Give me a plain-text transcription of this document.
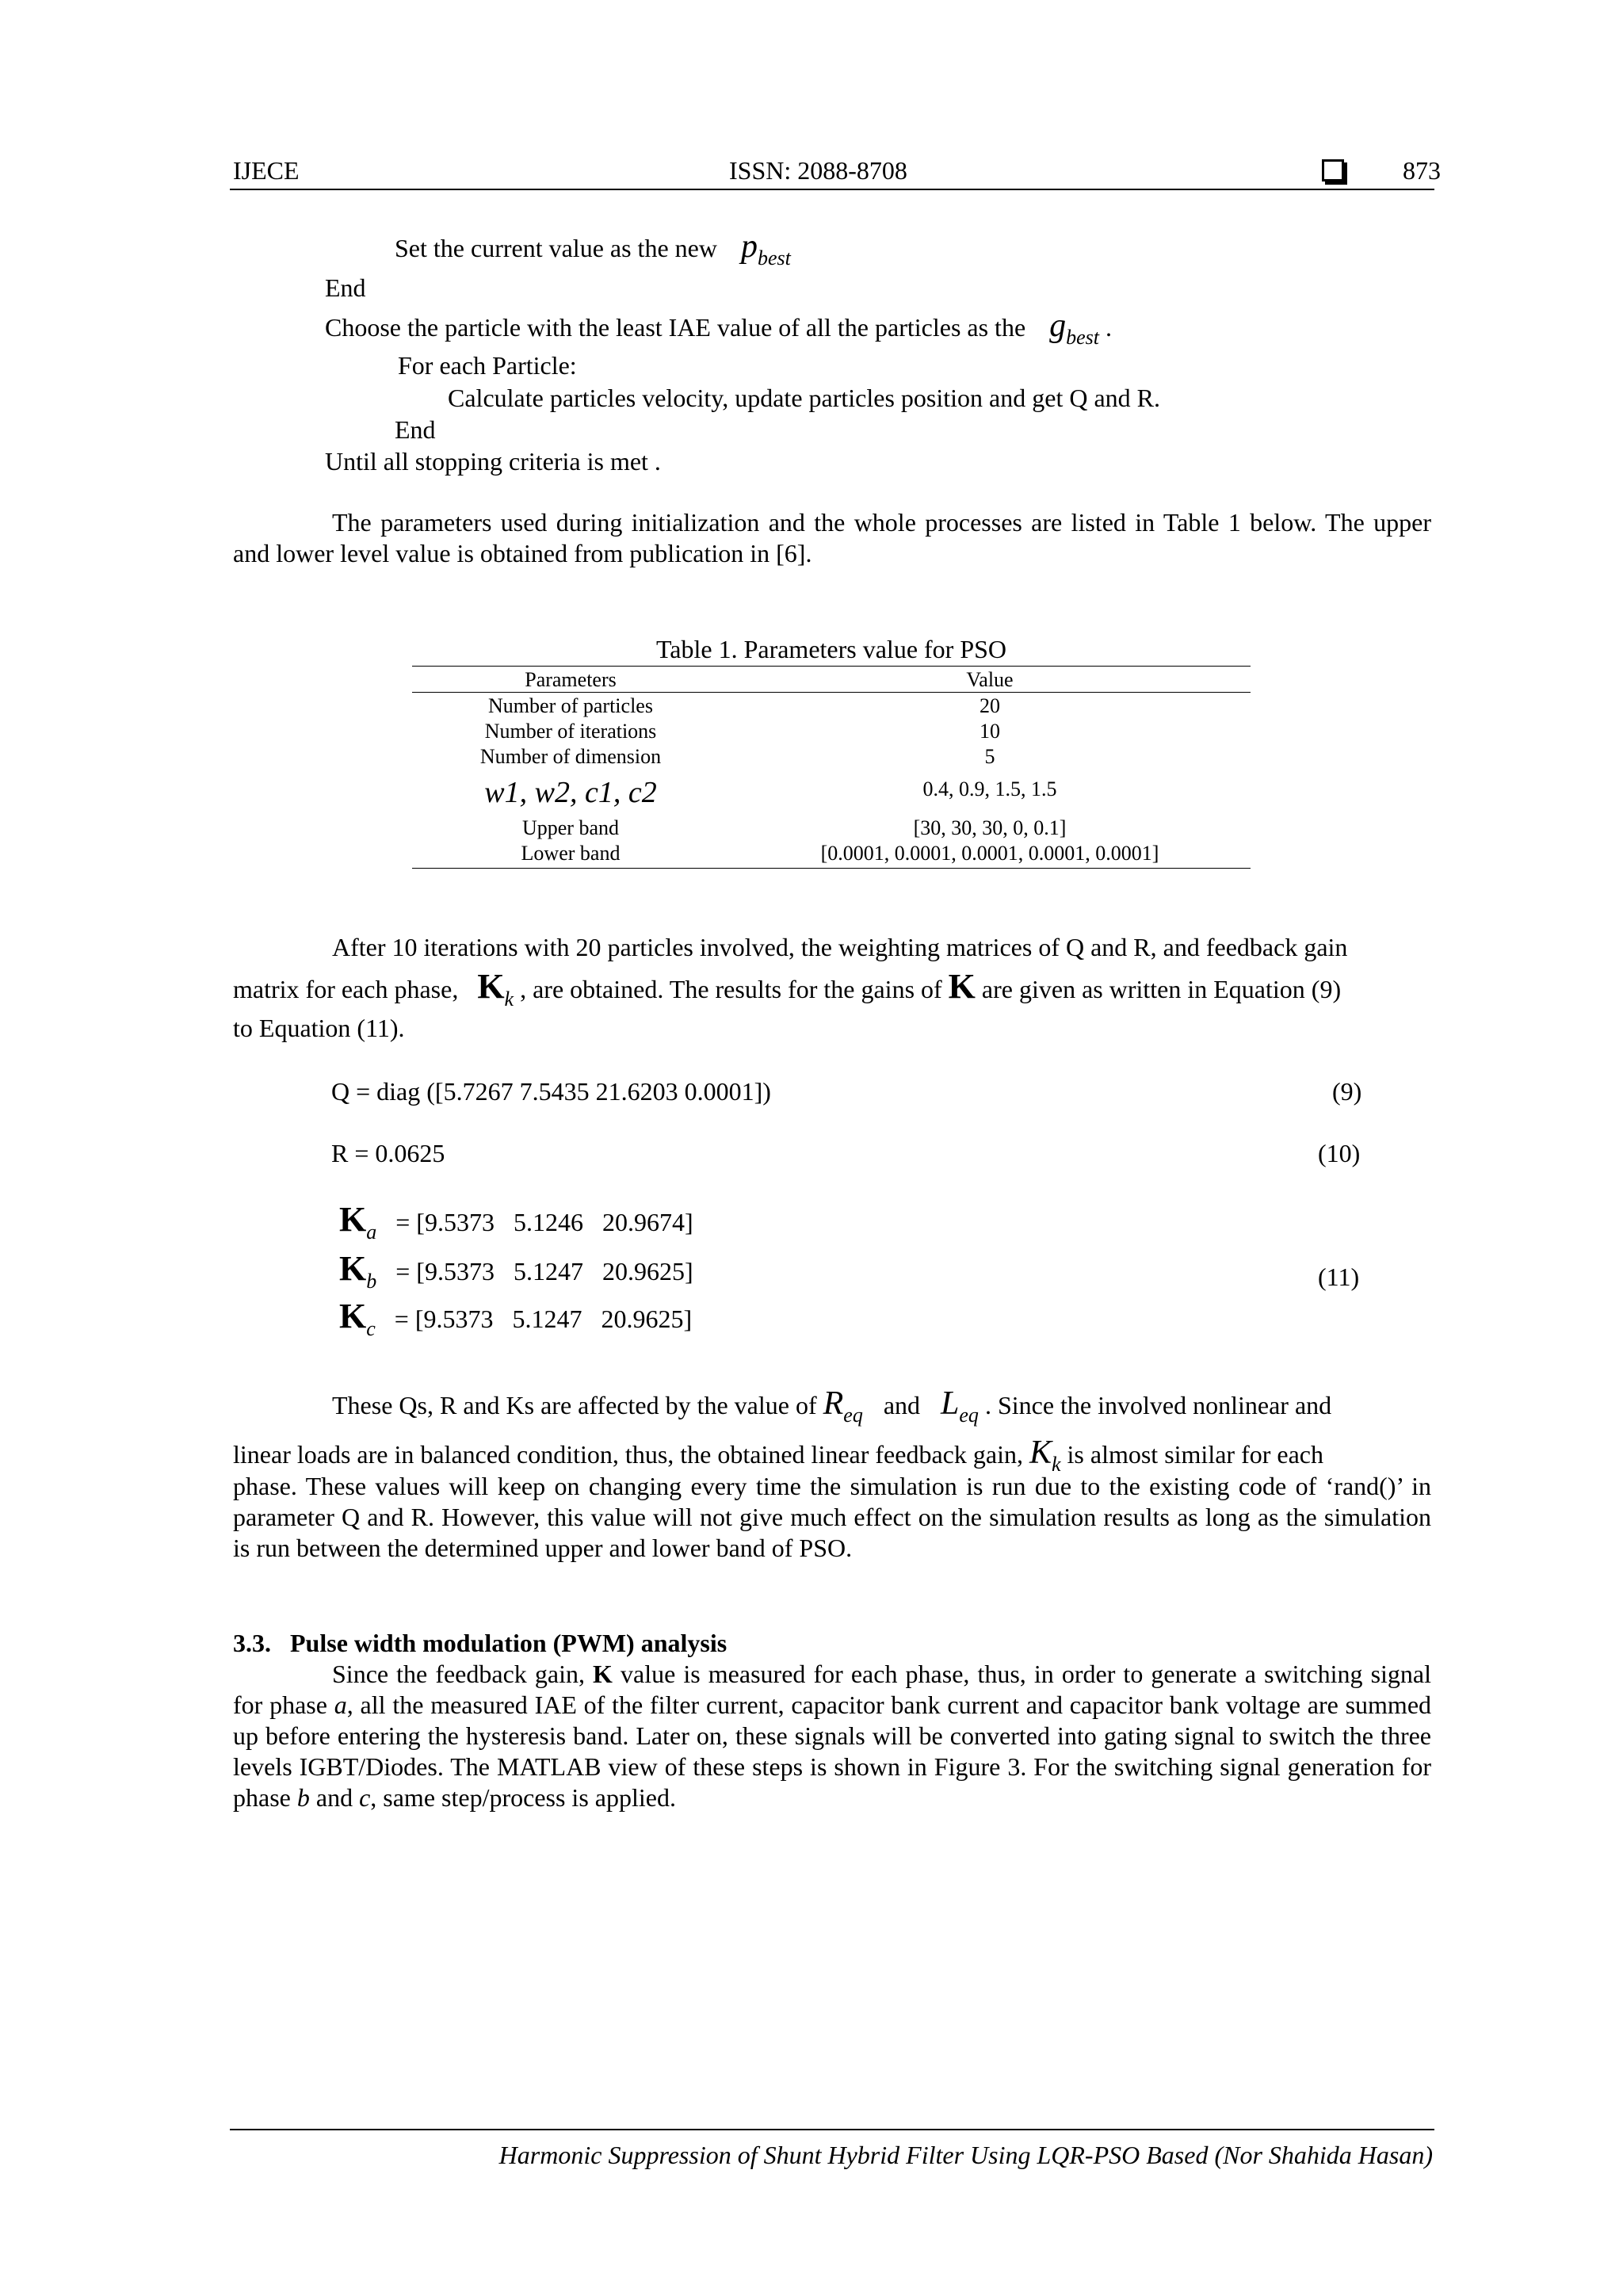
IJECE	ISSN: 2088-8708	873
Set the current value as the new $p_{best}$
End
Choose the particle with the least IAE value of all the particles as the $g_{best}$ .
For each Particle:
Calculate particles velocity, update particles position and get Q and R.
End
Until all stopping criteria is met .
The parameters used during initialization and the whole processes are listed in Table 1 below. The upper and lower level value is obtained from publication in [6].
Table 1. Parameters value for PSO
Parameters	Value
Number of particles	20
Number of iterations	10
Number of dimension	5
w1, w2, c1, c2	0.4, 0.9, 1.5, 1.5
Upper band	[30, 30, 30, 0, 0.1]
Lower band	[0.0001, 0.0001, 0.0001, 0.0001, 0.0001]
After 10 iterations with 20 particles involved, the weighting matrices of Q and R, and feedback gain
matrix for each phase, $K_k$ , are obtained. The results for the gains of K are given as written in Equation (9)
to Equation (11).
Q = diag ([5.7267 7.5435 21.6203 0.0001])	(9)
R = 0.0625	(10)
$K_a = [9.5373$   5.1246   20.9674]
$K_b = [9.5373$   5.1247   20.9625]	(11)
$K_c = [9.5373$   5.1247   20.9625]
These Qs, R and Ks are affected by the value of $R_{eq}$ and $L_{eq}$ . Since the involved nonlinear and
linear loads are in balanced condition, thus, the obtained linear feedback gain, $K_k$ is almost similar for each
phase. These values will keep on changing every time the simulation is run due to the existing code of ‘rand()’ in parameter Q and R. However, this value will not give much effect on the simulation results as long as the simulation is run between the determined upper and lower band of PSO.
3.3.   Pulse width modulation (PWM) analysis
Since the feedback gain, K value is measured for each phase, thus, in order to generate a switching signal for phase a, all the measured IAE of the filter current, capacitor bank current and capacitor bank voltage are summed up before entering the hysteresis band. Later on, these signals will be converted into gating signal to switch the three levels IGBT/Diodes. The MATLAB view of these steps is shown in Figure 3. For the switching signal generation for phase b and c, same step/process is applied.
Harmonic Suppression of Shunt Hybrid Filter Using LQR-PSO Based (Nor Shahida Hasan)
